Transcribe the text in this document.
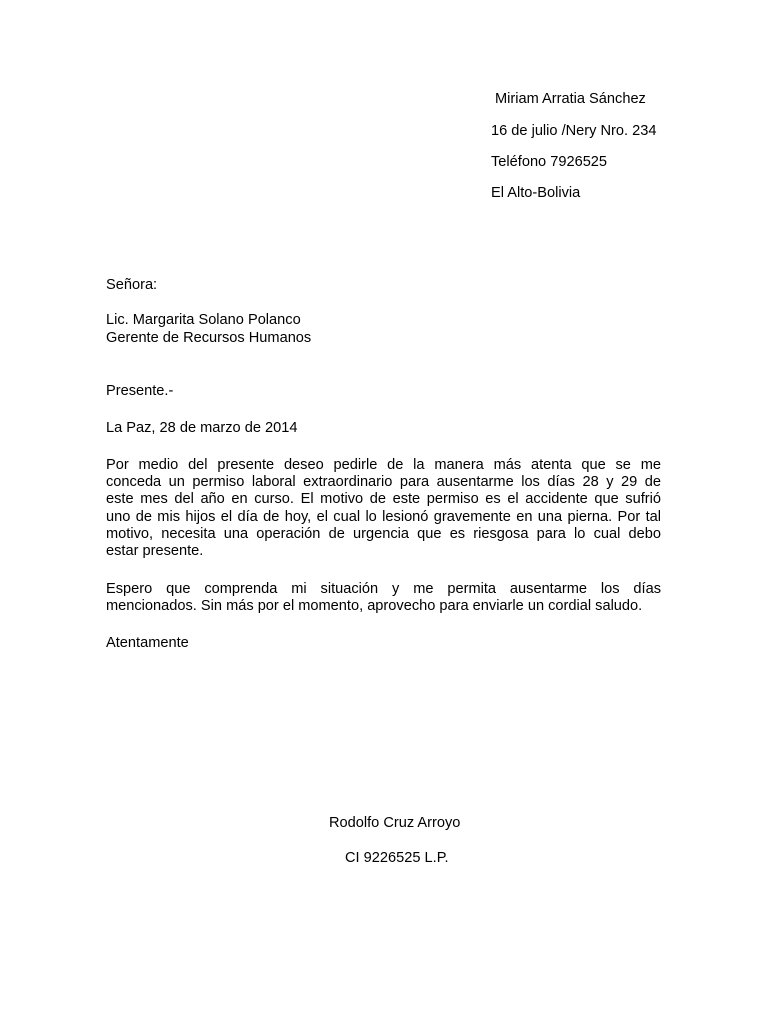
Miriam Arratia Sánchez
16 de julio /Nery Nro. 234
Teléfono 7926525
El Alto-Bolivia
Señora:
Lic. Margarita Solano Polanco
Gerente de Recursos Humanos
Presente.-
La Paz, 28 de marzo de 2014
Por medio del presente deseo pedirle de la manera más atenta que se me
conceda un permiso laboral extraordinario para ausentarme los días 28 y 29 de
este mes del año en curso. El motivo de este permiso es el accidente que sufrió
uno de mis hijos el día de hoy, el cual lo lesionó gravemente en una pierna. Por tal
motivo, necesita una operación de urgencia que es riesgosa para lo cual debo
estar presente.
Espero que comprenda mi situación y me permita ausentarme los días
mencionados. Sin más por el momento, aprovecho para enviarle un cordial saludo.
Atentamente
Rodolfo Cruz Arroyo
CI 9226525 L.P.
